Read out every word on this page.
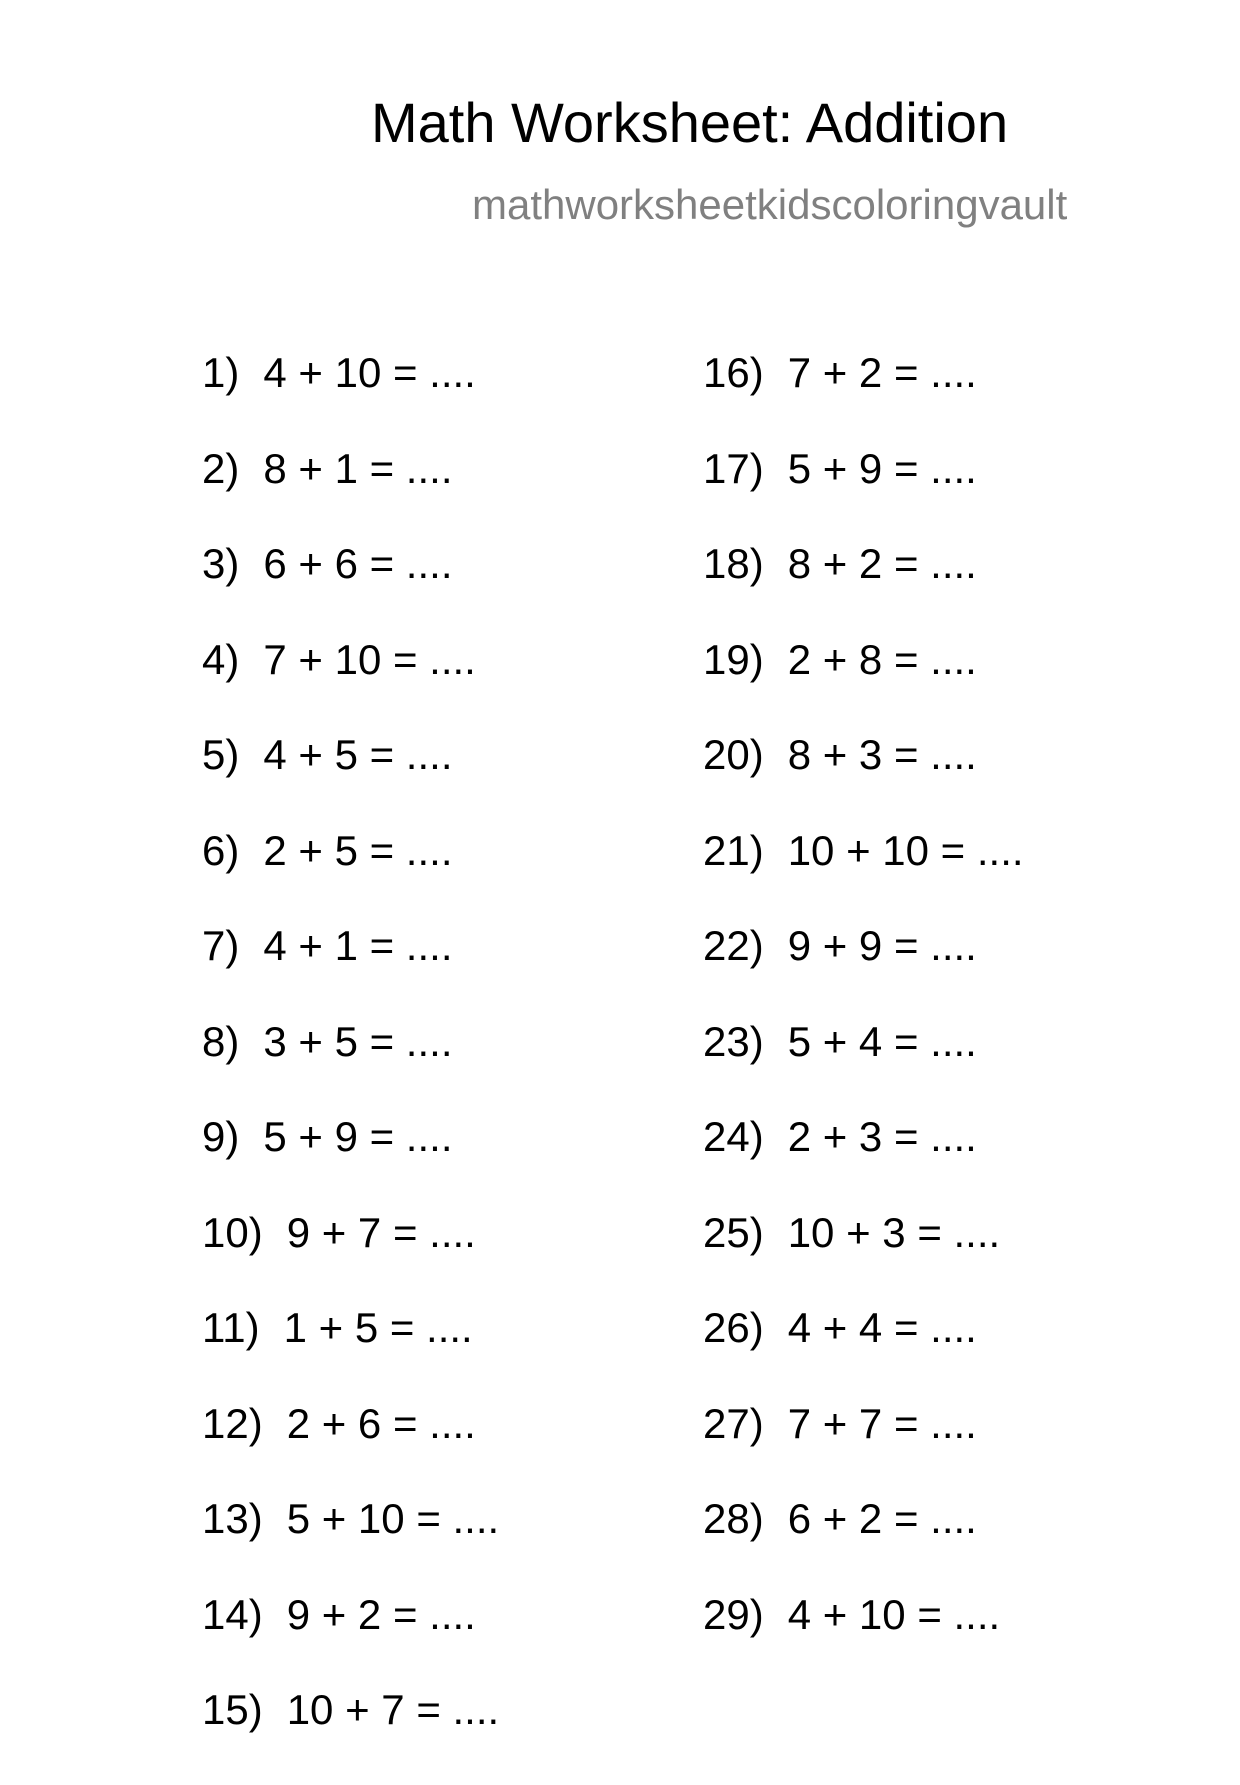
Math Worksheet: Addition
mathworksheetkidscoloringvault
1) 4 + 10 = ....
2) 8 + 1 = ....
3) 6 + 6 = ....
4) 7 + 10 = ....
5) 4 + 5 = ....
6) 2 + 5 = ....
7) 4 + 1 = ....
8) 3 + 5 = ....
9) 5 + 9 = ....
10) 9 + 7 = ....
11) 1 + 5 = ....
12) 2 + 6 = ....
13) 5 + 10 = ....
14) 9 + 2 = ....
15) 10 + 7 = ....
16) 7 + 2 = ....
17) 5 + 9 = ....
18) 8 + 2 = ....
19) 2 + 8 = ....
20) 8 + 3 = ....
21) 10 + 10 = ....
22) 9 + 9 = ....
23) 5 + 4 = ....
24) 2 + 3 = ....
25) 10 + 3 = ....
26) 4 + 4 = ....
27) 7 + 7 = ....
28) 6 + 2 = ....
29) 4 + 10 = ....
